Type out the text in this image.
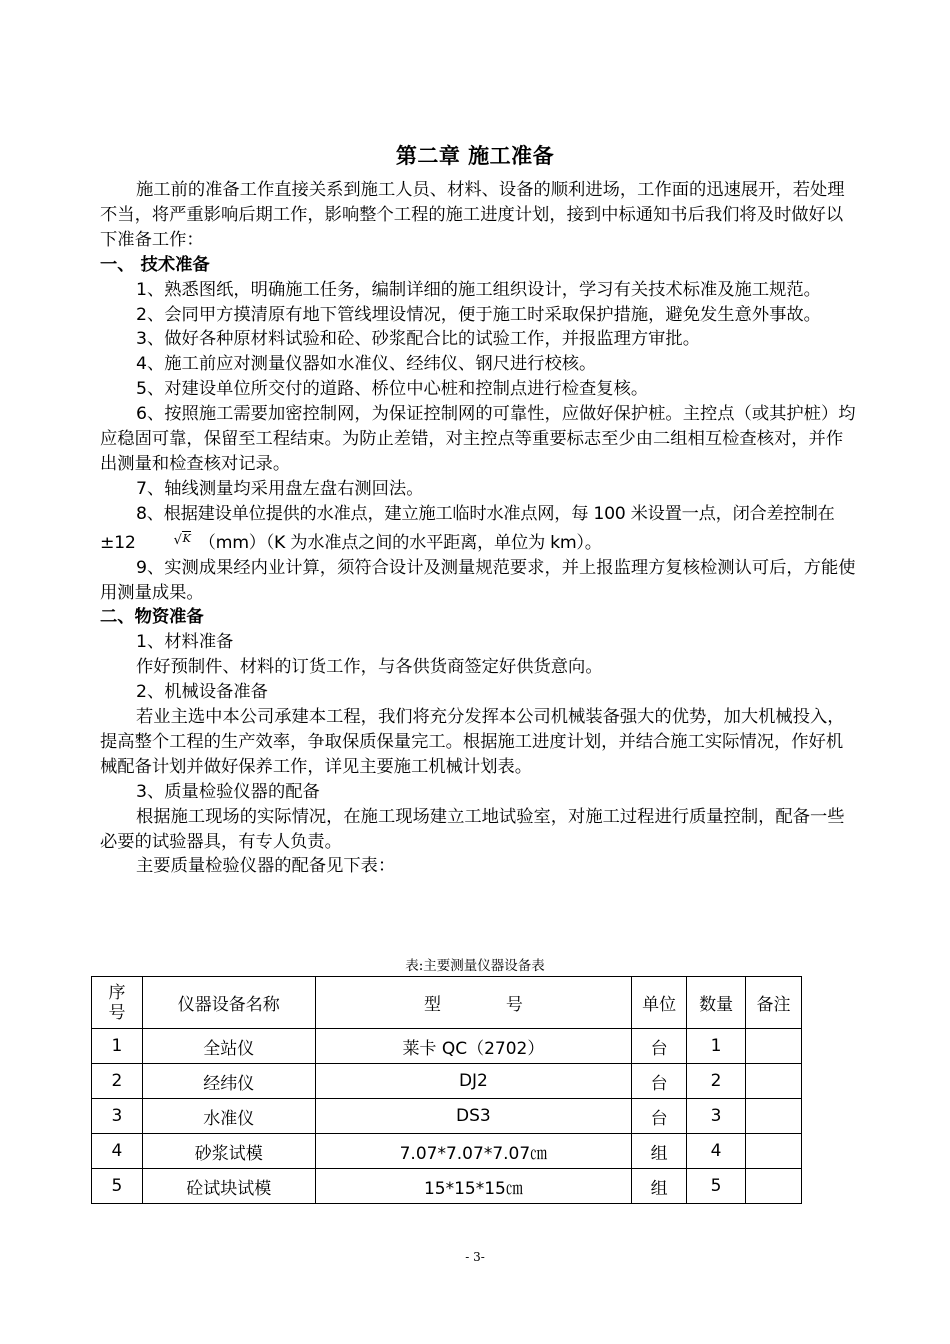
第二章 施工准备

施工前的准备工作直接关系到施工人员、材料、设备的顺利进场，工作面的迅速展开，若处理不当，将严重影响后期工作，影响整个工程的施工进度计划，接到中标通知书后我们将及时做好以下准备工作：

一、 技术准备

1、熟悉图纸，明确施工任务，编制详细的施工组织设计，学习有关技术标准及施工规范。

2、会同甲方摸清原有地下管线埋设情况，便于施工时采取保护措施，避免发生意外事故。

3、做好各种原材料试验和砼、砂浆配合比的试验工作，并报监理方审批。

4、施工前应对测量仪器如水准仪、经纬仪、钢尺进行校核。

5、对建设单位所交付的道路、桥位中心桩和控制点进行检查复核。

6、按照施工需要加密控制网，为保证控制网的可靠性，应做好保护桩。主控点（或其护桩）均应稳固可靠，保留至工程结束。为防止差错，对主控点等重要标志至少由二组相互检查核对，并作出测量和检查核对记录。

7、轴线测量均采用盘左盘右测回法。

8、根据建设单位提供的水准点，建立施工临时水准点网，每 100 米设置一点，闭合差控制在±12	√K （mm）（K 为水准点之间的水平距离，单位为 km）。

9、实测成果经内业计算，须符合设计及测量规范要求，并上报监理方复核检测认可后，方能使用测量成果。

二、物资准备

1、材料准备

作好预制件、材料的订货工作，与各供货商签定好供货意向。

2、机械设备准备

若业主选中本公司承建本工程，我们将充分发挥本公司机械装备强大的优势，加大机械投入，提高整个工程的生产效率，争取保质保量完工。根据施工进度计划，并结合施工实际情况，作好机械配备计划并做好保养工作，详见主要施工机械计划表。

3、质量检验仪器的配备

根据施工现场的实际情况，在施工现场建立工地试验室，对施工过程进行质量控制，配备一些必要的试验器具，有专人负责。

主要质量检验仪器的配备见下表：

表:主要测量仪器设备表
序
号	仪器设备名称	型            号	单位	数量	备注
1	全站仪	莱卡 QC（2702）	台	1	
2	经纬仪	DJ2	台	2	
3	水准仪	DS3	台	3	
4	砂浆试模	7.07*7.07*7.07㎝	组	4	
5	砼试块试模	15*15*15㎝	组	5	
- 3-
